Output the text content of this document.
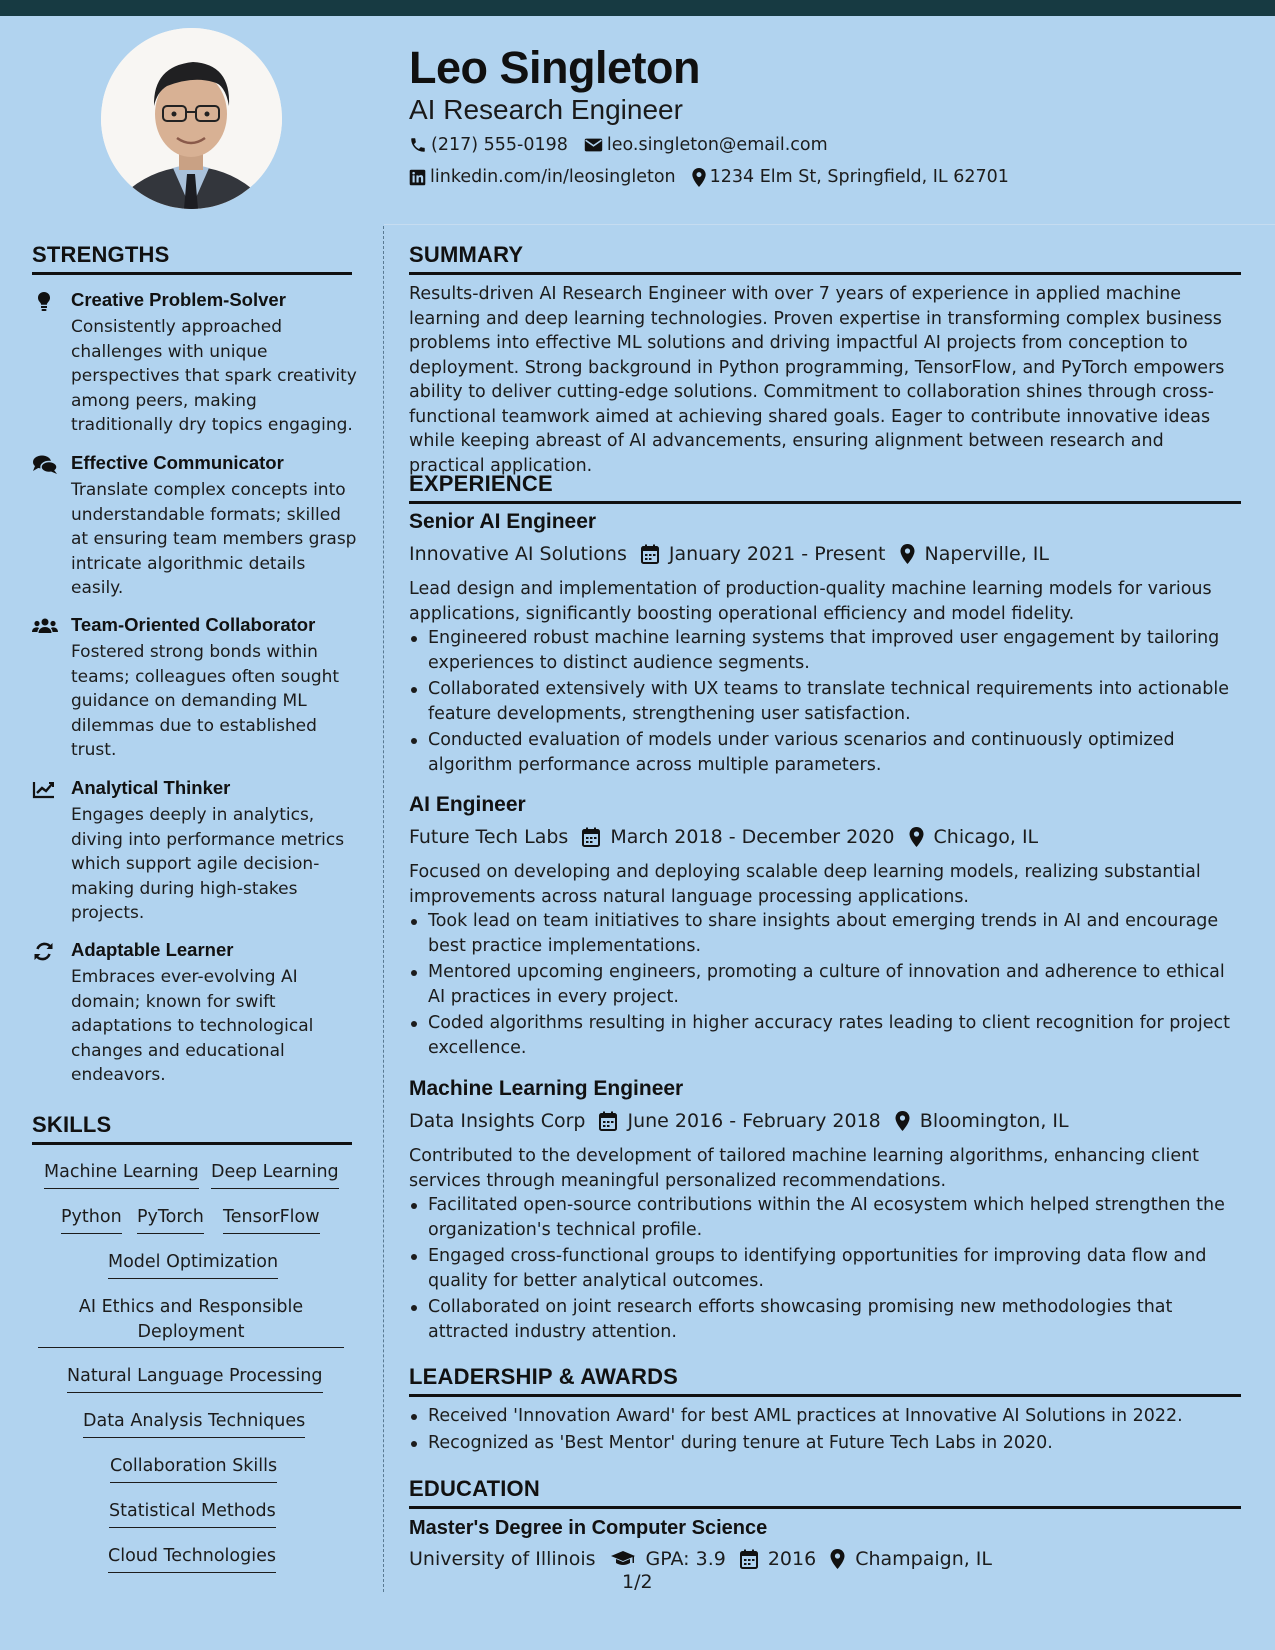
Leo Singleton
AI Research Engineer
(217) 555-0198 leo.singleton@email.com
linkedin.com/in/leosingleton 1234 Elm St, Springfield, IL 62701
STRENGTHS
Creative Problem-Solver
Consistently approached challenges with unique perspectives that spark creativity among peers, making traditionally dry topics engaging.
Effective Communicator
Translate complex concepts into understandable formats; skilled at ensuring team members grasp intricate algorithmic details easily.
Team-Oriented Collaborator
Fostered strong bonds within teams; colleagues often sought guidance on demanding ML dilemmas due to established trust.
Analytical Thinker
Engages deeply in analytics, diving into performance metrics which support agile decision-making during high-stakes projects.
Adaptable Learner
Embraces ever-evolving AI domain; known for swift adaptations to technological changes and educational endeavors.
SKILLS
Machine Learning Deep Learning
Python PyTorch TensorFlow
Model Optimization
AI Ethics and Responsible Deployment
Natural Language Processing
Data Analysis Techniques
Collaboration Skills
Statistical Methods
Cloud Technologies
SUMMARY
Results-driven AI Research Engineer with over 7 years of experience in applied machine learning and deep learning technologies. Proven expertise in transforming complex business problems into effective ML solutions and driving impactful AI projects from conception to deployment. Strong background in Python programming, TensorFlow, and PyTorch empowers ability to deliver cutting-edge solutions. Commitment to collaboration shines through cross-functional teamwork aimed at achieving shared goals. Eager to contribute innovative ideas while keeping abreast of AI advancements, ensuring alignment between research and practical application.
EXPERIENCE
Senior AI Engineer
Innovative AI Solutions January 2021 - Present Naperville, IL
Lead design and implementation of production-quality machine learning models for various applications, significantly boosting operational efficiency and model fidelity.
Engineered robust machine learning systems that improved user engagement by tailoring experiences to distinct audience segments.
Collaborated extensively with UX teams to translate technical requirements into actionable feature developments, strengthening user satisfaction.
Conducted evaluation of models under various scenarios and continuously optimized algorithm performance across multiple parameters.
AI Engineer
Future Tech Labs March 2018 - December 2020 Chicago, IL
Focused on developing and deploying scalable deep learning models, realizing substantial improvements across natural language processing applications.
Took lead on team initiatives to share insights about emerging trends in AI and encourage best practice implementations.
Mentored upcoming engineers, promoting a culture of innovation and adherence to ethical AI practices in every project.
Coded algorithms resulting in higher accuracy rates leading to client recognition for project excellence.
Machine Learning Engineer
Data Insights Corp June 2016 - February 2018 Bloomington, IL
Contributed to the development of tailored machine learning algorithms, enhancing client services through meaningful personalized recommendations.
Facilitated open-source contributions within the AI ecosystem which helped strengthen the organization's technical profile.
Engaged cross-functional groups to identifying opportunities for improving data flow and quality for better analytical outcomes.
Collaborated on joint research efforts showcasing promising new methodologies that attracted industry attention.
LEADERSHIP & AWARDS
Received 'Innovation Award' for best AML practices at Innovative AI Solutions in 2022.
Recognized as 'Best Mentor' during tenure at Future Tech Labs in 2020.
EDUCATION
Master's Degree in Computer Science
University of Illinois	GPA: 3.9 2016 Champaign, IL
1/2
